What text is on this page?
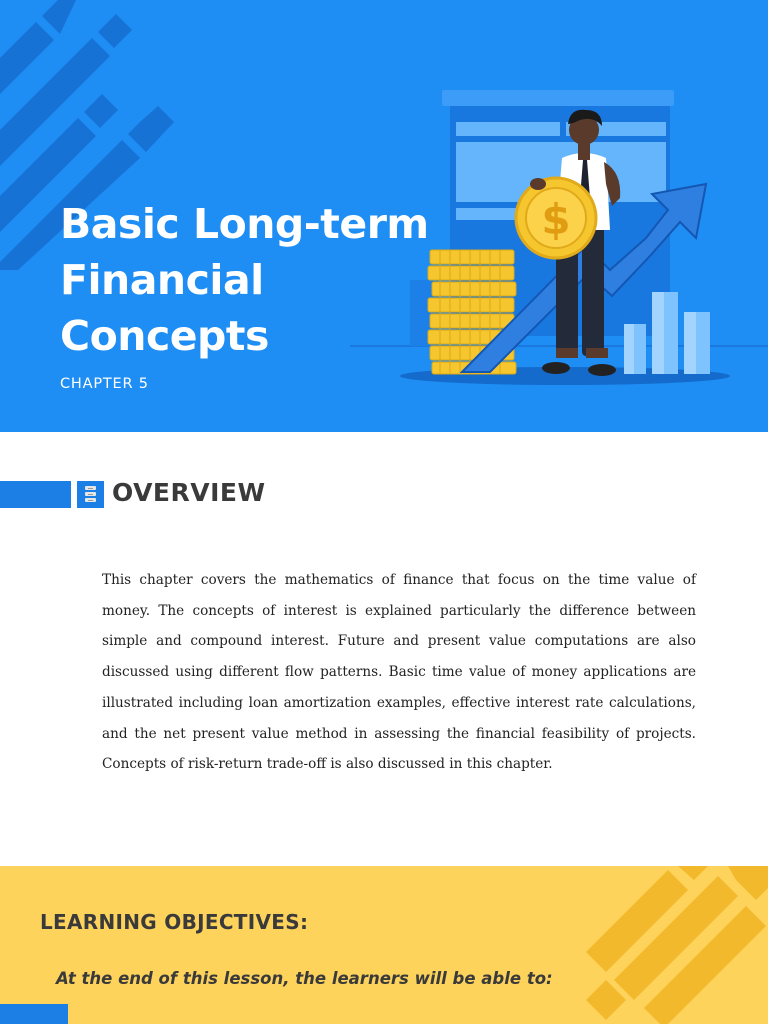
Basic Long-term Financial Concepts
CHAPTER 5
$
OVERVIEW

This chapter covers the mathematics of finance that focus on the time value of money. The concepts of interest is explained particularly the difference between simple and compound interest. Future and present value computations are also discussed using different flow patterns. Basic time value of money applications are illustrated including loan amortization examples, effective interest rate calculations, and the net present value method in assessing the financial feasibility of projects. Concepts of risk-return trade-off is also discussed in this chapter.

LEARNING OBJECTIVES:
At the end of this lesson, the learners will be able to:
